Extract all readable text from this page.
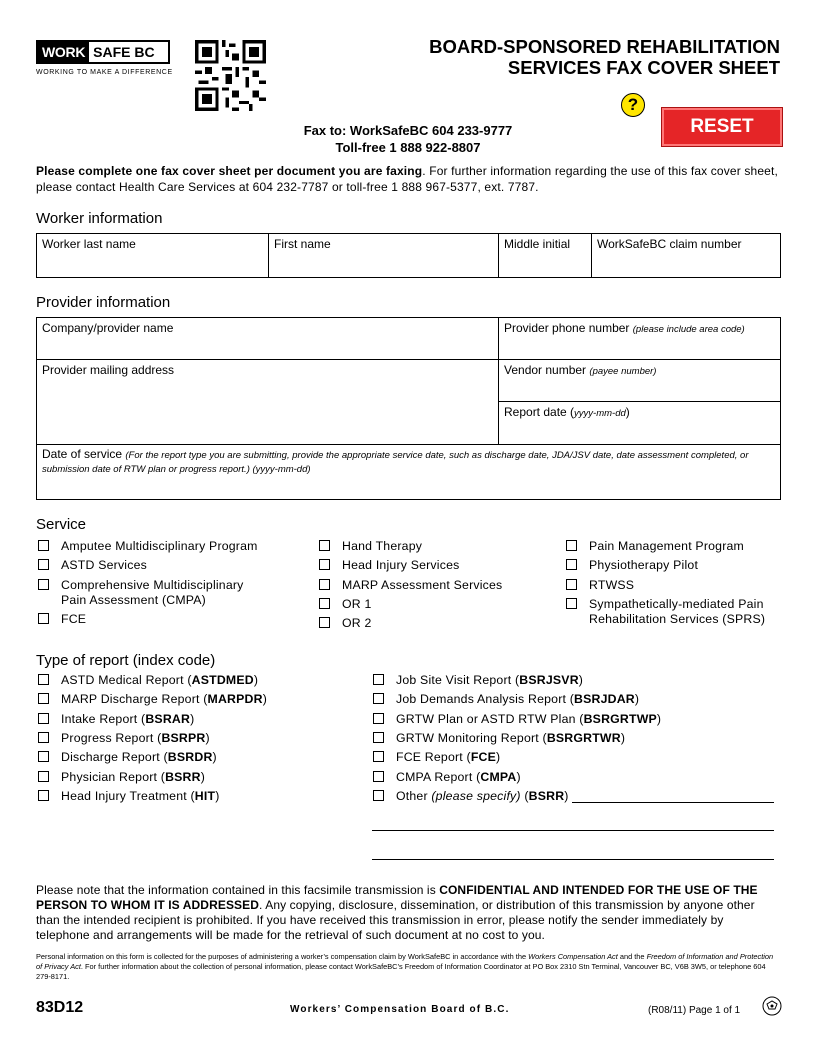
WORK SAFE BC
WORKING TO MAKE A DIFFERENCE
BOARD-SPONSORED REHABILITATION
SERVICES FAX COVER SHEET
?
RESET
Fax to: WorkSafeBC 604 233-9777
Toll-free 1 888 922-8807
Please complete one fax cover sheet per document you are faxing. For further information regarding the use of this fax cover sheet, please contact Health Care Services at 604 232-7787 or toll-free 1 888 967-5377, ext. 7787.
Worker information
Worker last name	First name	Middle initial	WorkSafeBC claim number
Provider information
Company/provider name	Provider phone number (please include area code)
Provider mailing address	Vendor number (payee number)
	Report date (yyyy-mm-dd)
Date of service (For the report type you are submitting, provide the appropriate service date, such as discharge date, JDA/JSV date, date assessment completed, or submission date of RTW plan or progress report.) (yyyy-mm-dd)	
Service
Amputee Multidisciplinary Program
ASTD Services
Comprehensive Multidisciplinary Pain Assessment (CMPA)
FCE
Hand Therapy
Head Injury Services
MARP Assessment Services
OR 1
OR 2
Pain Management Program
Physiotherapy Pilot
RTWSS
Sympathetically-mediated Pain Rehabilitation Services (SPRS)
Type of report (index code)
ASTD Medical Report (ASTDMED)
MARP Discharge Report (MARPDR)
Intake Report (BSRAR)
Progress Report (BSRPR)
Discharge Report (BSRDR)
Physician Report (BSRR)
Head Injury Treatment (HIT)
Job Site Visit Report (BSRJSVR)
Job Demands Analysis Report (BSRJDAR)
GRTW Plan or ASTD RTW Plan (BSRGRTWP)
GRTW Monitoring Report (BSRGRTWR)
FCE Report (FCE)
CMPA Report (CMPA)
Other (please specify) (BSRR)
Please note that the information contained in this facsimile transmission is CONFIDENTIAL AND INTENDED FOR THE USE OF THE PERSON TO WHOM IT IS ADDRESSED. Any copying, disclosure, dissemination, or distribution of this transmission by anyone other than the intended recipient is prohibited. If you have received this transmission in error, please notify the sender immediately by telephone and arrangements will be made for the retrieval of such document at no cost to you.
Personal information on this form is collected for the purposes of administering a worker’s compensation claim by WorkSafeBC in accordance with the Workers Compensation Act and the Freedom of Information and Protection of Privacy Act. For further information about the collection of personal information, please contact WorkSafeBC’s Freedom of Information Coordinator at PO Box 2310 Stn Terminal, Vancouver BC, V6B 3W5, or telephone 604 279-8171.
83D12	Workers’ Compensation Board of B.C.	(R08/11) Page 1 of 1
